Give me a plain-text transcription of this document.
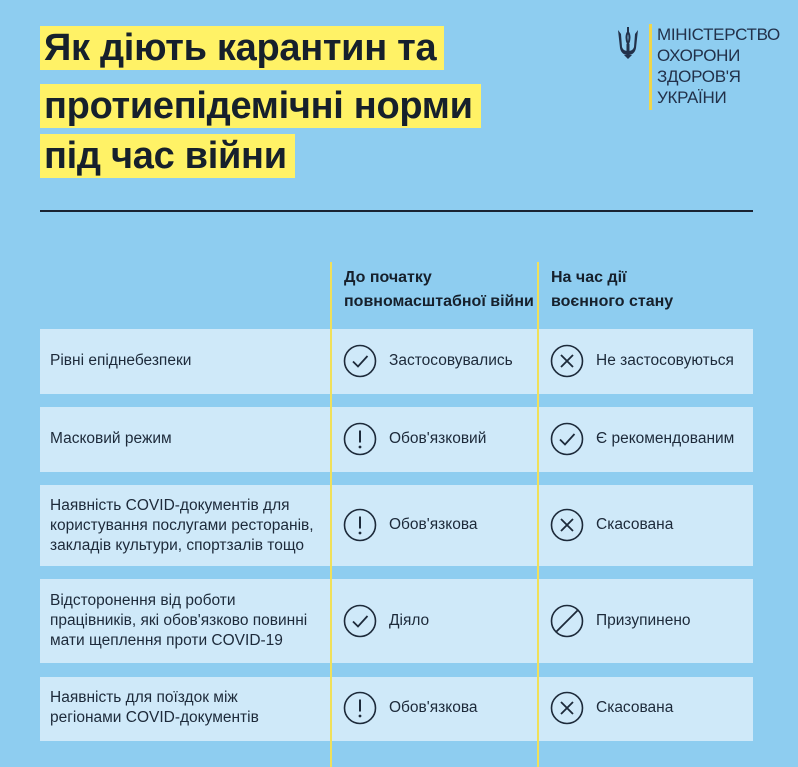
Як діють карантин та
протиепідемічні норми
під час війни
МІНІСТЕРСТВО
ОХОРОНИ
ЗДОРОВ'Я
УКРАЇНИ
До початку
повномасштабної війни
На час дії
воєнного стану
Рівні епіднебезпеки	Застосовувались	Не застосовуються
Масковий режим	Обов'язковий	Є рекомендованим
Наявність COVID-документів для
користування послугами ресторанів,
закладів культури, спортзалів тощо
Обов'язкова	Скасована
Відсторонення від роботи
працівників, які обов'язково повинні
мати щеплення проти COVID-19
Діяло	Призупинено
Наявність для поїздок між
регіонами COVID-документів
Обов'язкова	Скасована
